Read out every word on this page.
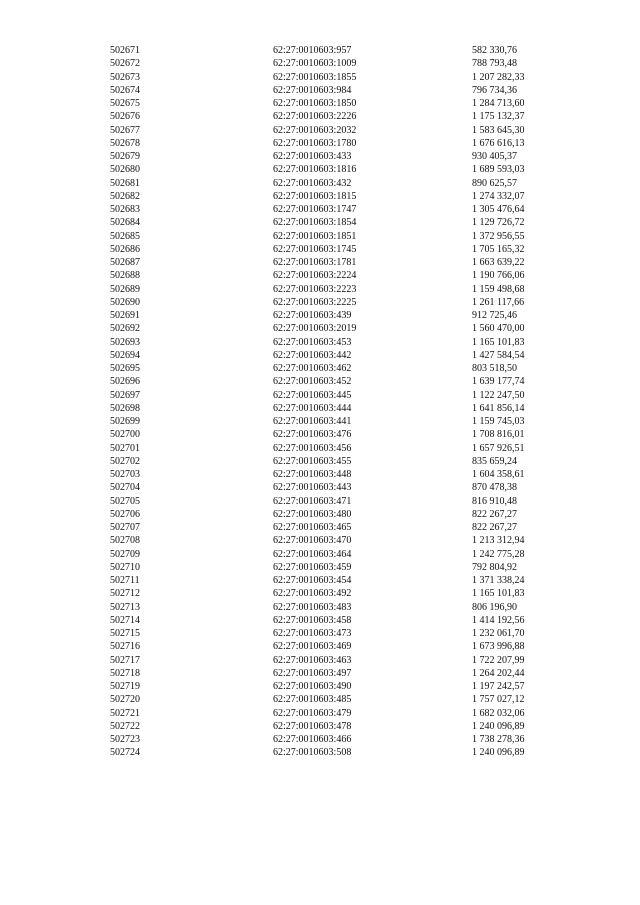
502671	62:27:0010603:957	582 330,76
502672	62:27:0010603:1009	788 793,48
502673	62:27:0010603:1855	1 207 282,33
502674	62:27:0010603:984	796 734,36
502675	62:27:0010603:1850	1 284 713,60
502676	62:27:0010603:2226	1 175 132,37
502677	62:27:0010603:2032	1 583 645,30
502678	62:27:0010603:1780	1 676 616,13
502679	62:27:0010603:433	930 405,37
502680	62:27:0010603:1816	1 689 593,03
502681	62:27:0010603:432	890 625,57
502682	62:27:0010603:1815	1 274 332,07
502683	62:27:0010603:1747	1 305 476,64
502684	62:27:0010603:1854	1 129 726,72
502685	62:27:0010603:1851	1 372 956,55
502686	62:27:0010603:1745	1 705 165,32
502687	62:27:0010603:1781	1 663 639,22
502688	62:27:0010603:2224	1 190 766,06
502689	62:27:0010603:2223	1 159 498,68
502690	62:27:0010603:2225	1 261 117,66
502691	62:27:0010603:439	912 725,46
502692	62:27:0010603:2019	1 560 470,00
502693	62:27:0010603:453	1 165 101,83
502694	62:27:0010603:442	1 427 584,54
502695	62:27:0010603:462	803 518,50
502696	62:27:0010603:452	1 639 177,74
502697	62:27:0010603:445	1 122 247,50
502698	62:27:0010603:444	1 641 856,14
502699	62:27:0010603:441	1 159 745,03
502700	62:27:0010603:476	1 708 816,01
502701	62:27:0010603:456	1 657 926,51
502702	62:27:0010603:455	835 659,24
502703	62:27:0010603:448	1 604 358,61
502704	62:27:0010603:443	870 478,38
502705	62:27:0010603:471	816 910,48
502706	62:27:0010603:480	822 267,27
502707	62:27:0010603:465	822 267,27
502708	62:27:0010603:470	1 213 312,94
502709	62:27:0010603:464	1 242 775,28
502710	62:27:0010603:459	792 804,92
502711	62:27:0010603:454	1 371 338,24
502712	62:27:0010603:492	1 165 101,83
502713	62:27:0010603:483	806 196,90
502714	62:27:0010603:458	1 414 192,56
502715	62:27:0010603:473	1 232 061,70
502716	62:27:0010603:469	1 673 996,88
502717	62:27:0010603:463	1 722 207,99
502718	62:27:0010603:497	1 264 202,44
502719	62:27:0010603:490	1 197 242,57
502720	62:27:0010603:485	1 757 027,12
502721	62:27:0010603:479	1 682 032,06
502722	62:27:0010603:478	1 240 096,89
502723	62:27:0010603:466	1 738 278,36
502724	62:27:0010603:508	1 240 096,89
